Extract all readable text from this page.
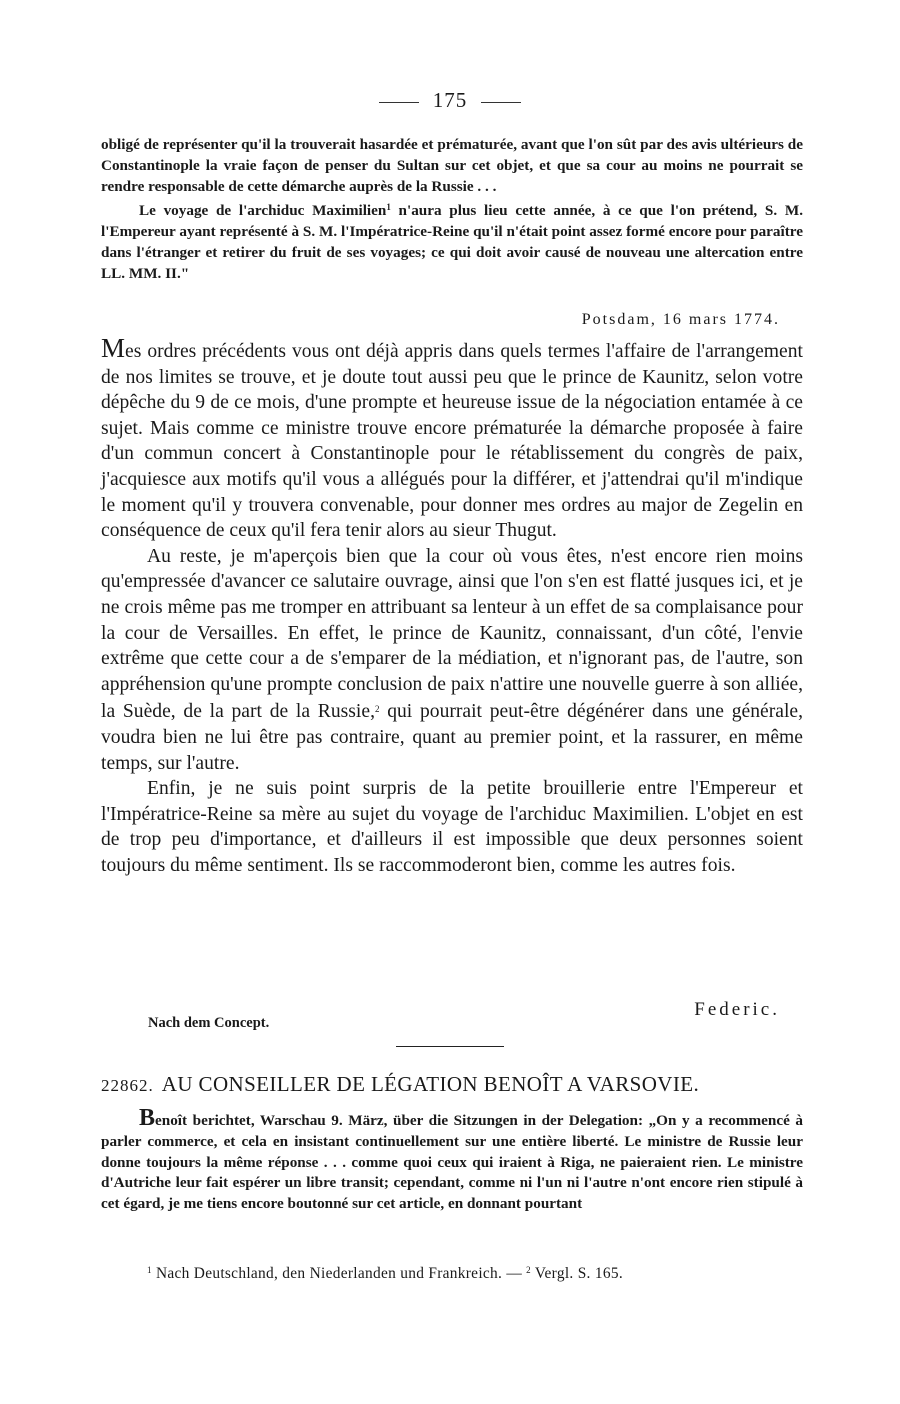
175

obligé de représenter qu'il la trouverait hasardée et prématurée, avant que l'on sût par des avis ultérieurs de Constantinople la vraie façon de penser du Sultan sur cet objet, et que sa cour au moins ne pourrait se rendre responsable de cette démarche auprès de la Russie . . .

Le voyage de l'archiduc Maximilien$^1$ n'aura plus lieu cette année, à ce que l'on prétend, S. M. l'Empereur ayant représenté à S. M. l'Impératrice-Reine qu'il n'était point assez formé encore pour paraître dans l'étranger et retirer du fruit de ses voyages; ce qui doit avoir causé de nouveau une altercation entre LL. MM. II."

Potsdam, 16 mars 1774.

Mes ordres précédents vous ont déjà appris dans quels termes l'affaire de l'arrangement de nos limites se trouve, et je doute tout aussi peu que le prince de Kaunitz, selon votre dépêche du 9 de ce mois, d'une prompte et heureuse issue de la négociation entamée à ce sujet. Mais comme ce ministre trouve encore prématurée la démarche proposée à faire d'un commun concert à Constantinople pour le rétablissement du congrès de paix, j'acquiesce aux motifs qu'il vous a allégués pour la différer, et j'attendrai qu'il m'indique le moment qu'il y trouvera convenable, pour donner mes ordres au major de Zegelin en conséquence de ceux qu'il fera tenir alors au sieur Thugut.

Au reste, je m'aperçois bien que la cour où vous êtes, n'est encore rien moins qu'empressée d'avancer ce salutaire ouvrage, ainsi que l'on s'en est flatté jusques ici, et je ne crois même pas me tromper en attribuant sa lenteur à un effet de sa complaisance pour la cour de Versailles. En effet, le prince de Kaunitz, connaissant, d'un côté, l'envie extrême que cette cour a de s'emparer de la médiation, et n'ignorant pas, de l'autre, son appréhension qu'une prompte conclusion de paix n'attire une nouvelle guerre à son alliée, la Suède, de la part de la Russie,$^2$ qui pourrait peut-être dégénérer dans une générale, voudra bien ne lui être pas contraire, quant au premier point, et la rassurer, en même temps, sur l'autre.

Enfin, je ne suis point surpris de la petite brouillerie entre l'Empereur et l'Impératrice-Reine sa mère au sujet du voyage de l'archiduc Maximilien. L'objet en est de trop peu d'importance, et d'ailleurs il est impossible que deux personnes soient toujours du même sentiment. Ils se raccommoderont bien, comme les autres fois.

Federic.
Nach dem Concept.
22862. AU CONSEILLER DE LÉGATION BENOÎT A VARSOVIE.

Benoît berichtet, Warschau 9. März, über die Sitzungen in der Delegation: „On y a recommencé à parler commerce, et cela en insistant continuellement sur une entière liberté. Le ministre de Russie leur donne toujours la même réponse . . . comme quoi ceux qui iraient à Riga, ne paieraient rien. Le ministre d'Autriche leur fait espérer un libre transit; cependant, comme ni l'un ni l'autre n'ont encore rien stipulé à cet égard, je me tiens encore boutonné sur cet article, en donnant pourtant

$^1$ Nach Deutschland, den Niederlanden und Frankreich. — $^2$ Vergl. S. 165.
